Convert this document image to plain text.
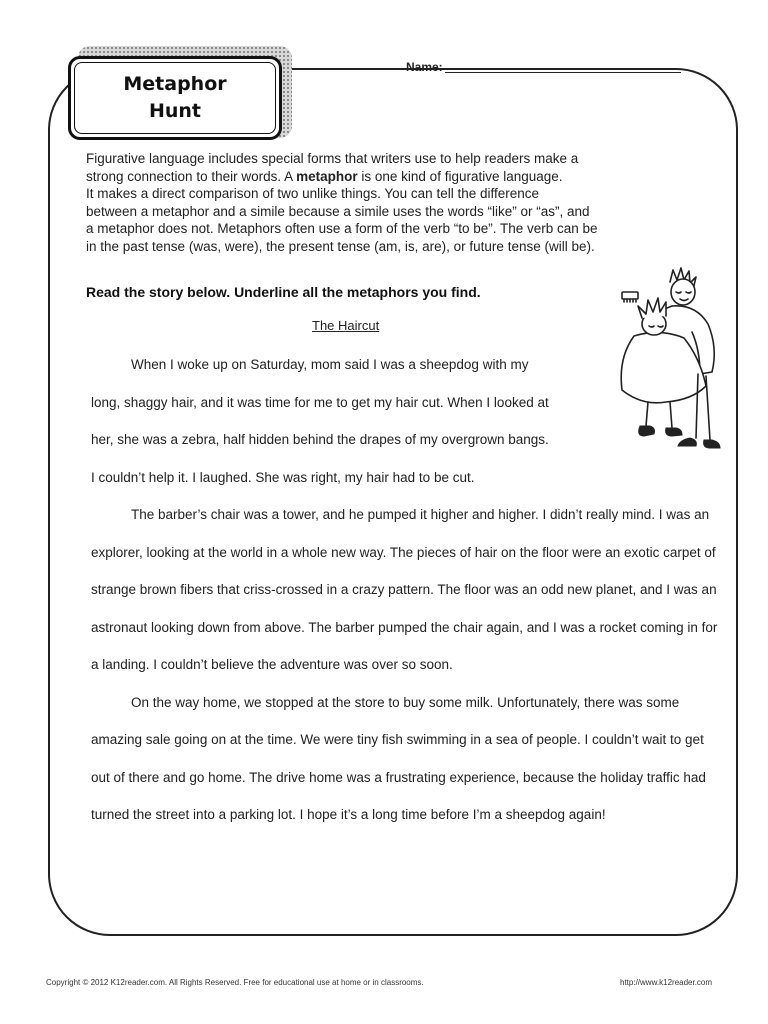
Metaphor
Hunt
Name:

Figurative language includes special forms that writers use to help readers make a

strong connection to their words. A metaphor is one kind of figurative language.

It makes a direct comparison of two unlike things. You can tell the difference

between a metaphor and a simile because a simile uses the words “like” or “as”, and

a metaphor does not. Metaphors often use a form of the verb “to be”. The verb can be

in the past tense (was, were), the present tense (am, is, are), or future tense (will be).

Read the story below. Underline all the metaphors you find.
The Haircut

When I woke up on Saturday, mom said I was a sheepdog with my

long, shaggy hair, and it was time for me to get my hair cut. When I looked at

her, she was a zebra, half hidden behind the drapes of my overgrown bangs.

I couldn’t help it. I laughed. She was right, my hair had to be cut.

The barber’s chair was a tower, and he pumped it higher and higher. I didn’t really mind. I was an explorer, looking at the world in a whole new way. The pieces of hair on the floor were an exotic carpet of strange brown fibers that criss-crossed in a crazy pattern. The floor was an odd new planet, and I was an astronaut looking down from above. The barber pumped the chair again, and I was a rocket coming in for a landing. I couldn’t believe the adventure was over so soon.

On the way home, we stopped at the store to buy some milk. Unfortunately, there was some amazing sale going on at the time. We were tiny fish swimming in a sea of people. I couldn’t wait to get out of there and go home. The drive home was a frustrating experience, because the holiday traffic had turned the street into a parking lot. I hope it’s a long time before I’m a sheepdog again!

Copyright © 2012 K12reader.com. All Rights Reserved. Free for educational use at home or in classrooms.	http://www.k12reader.com
